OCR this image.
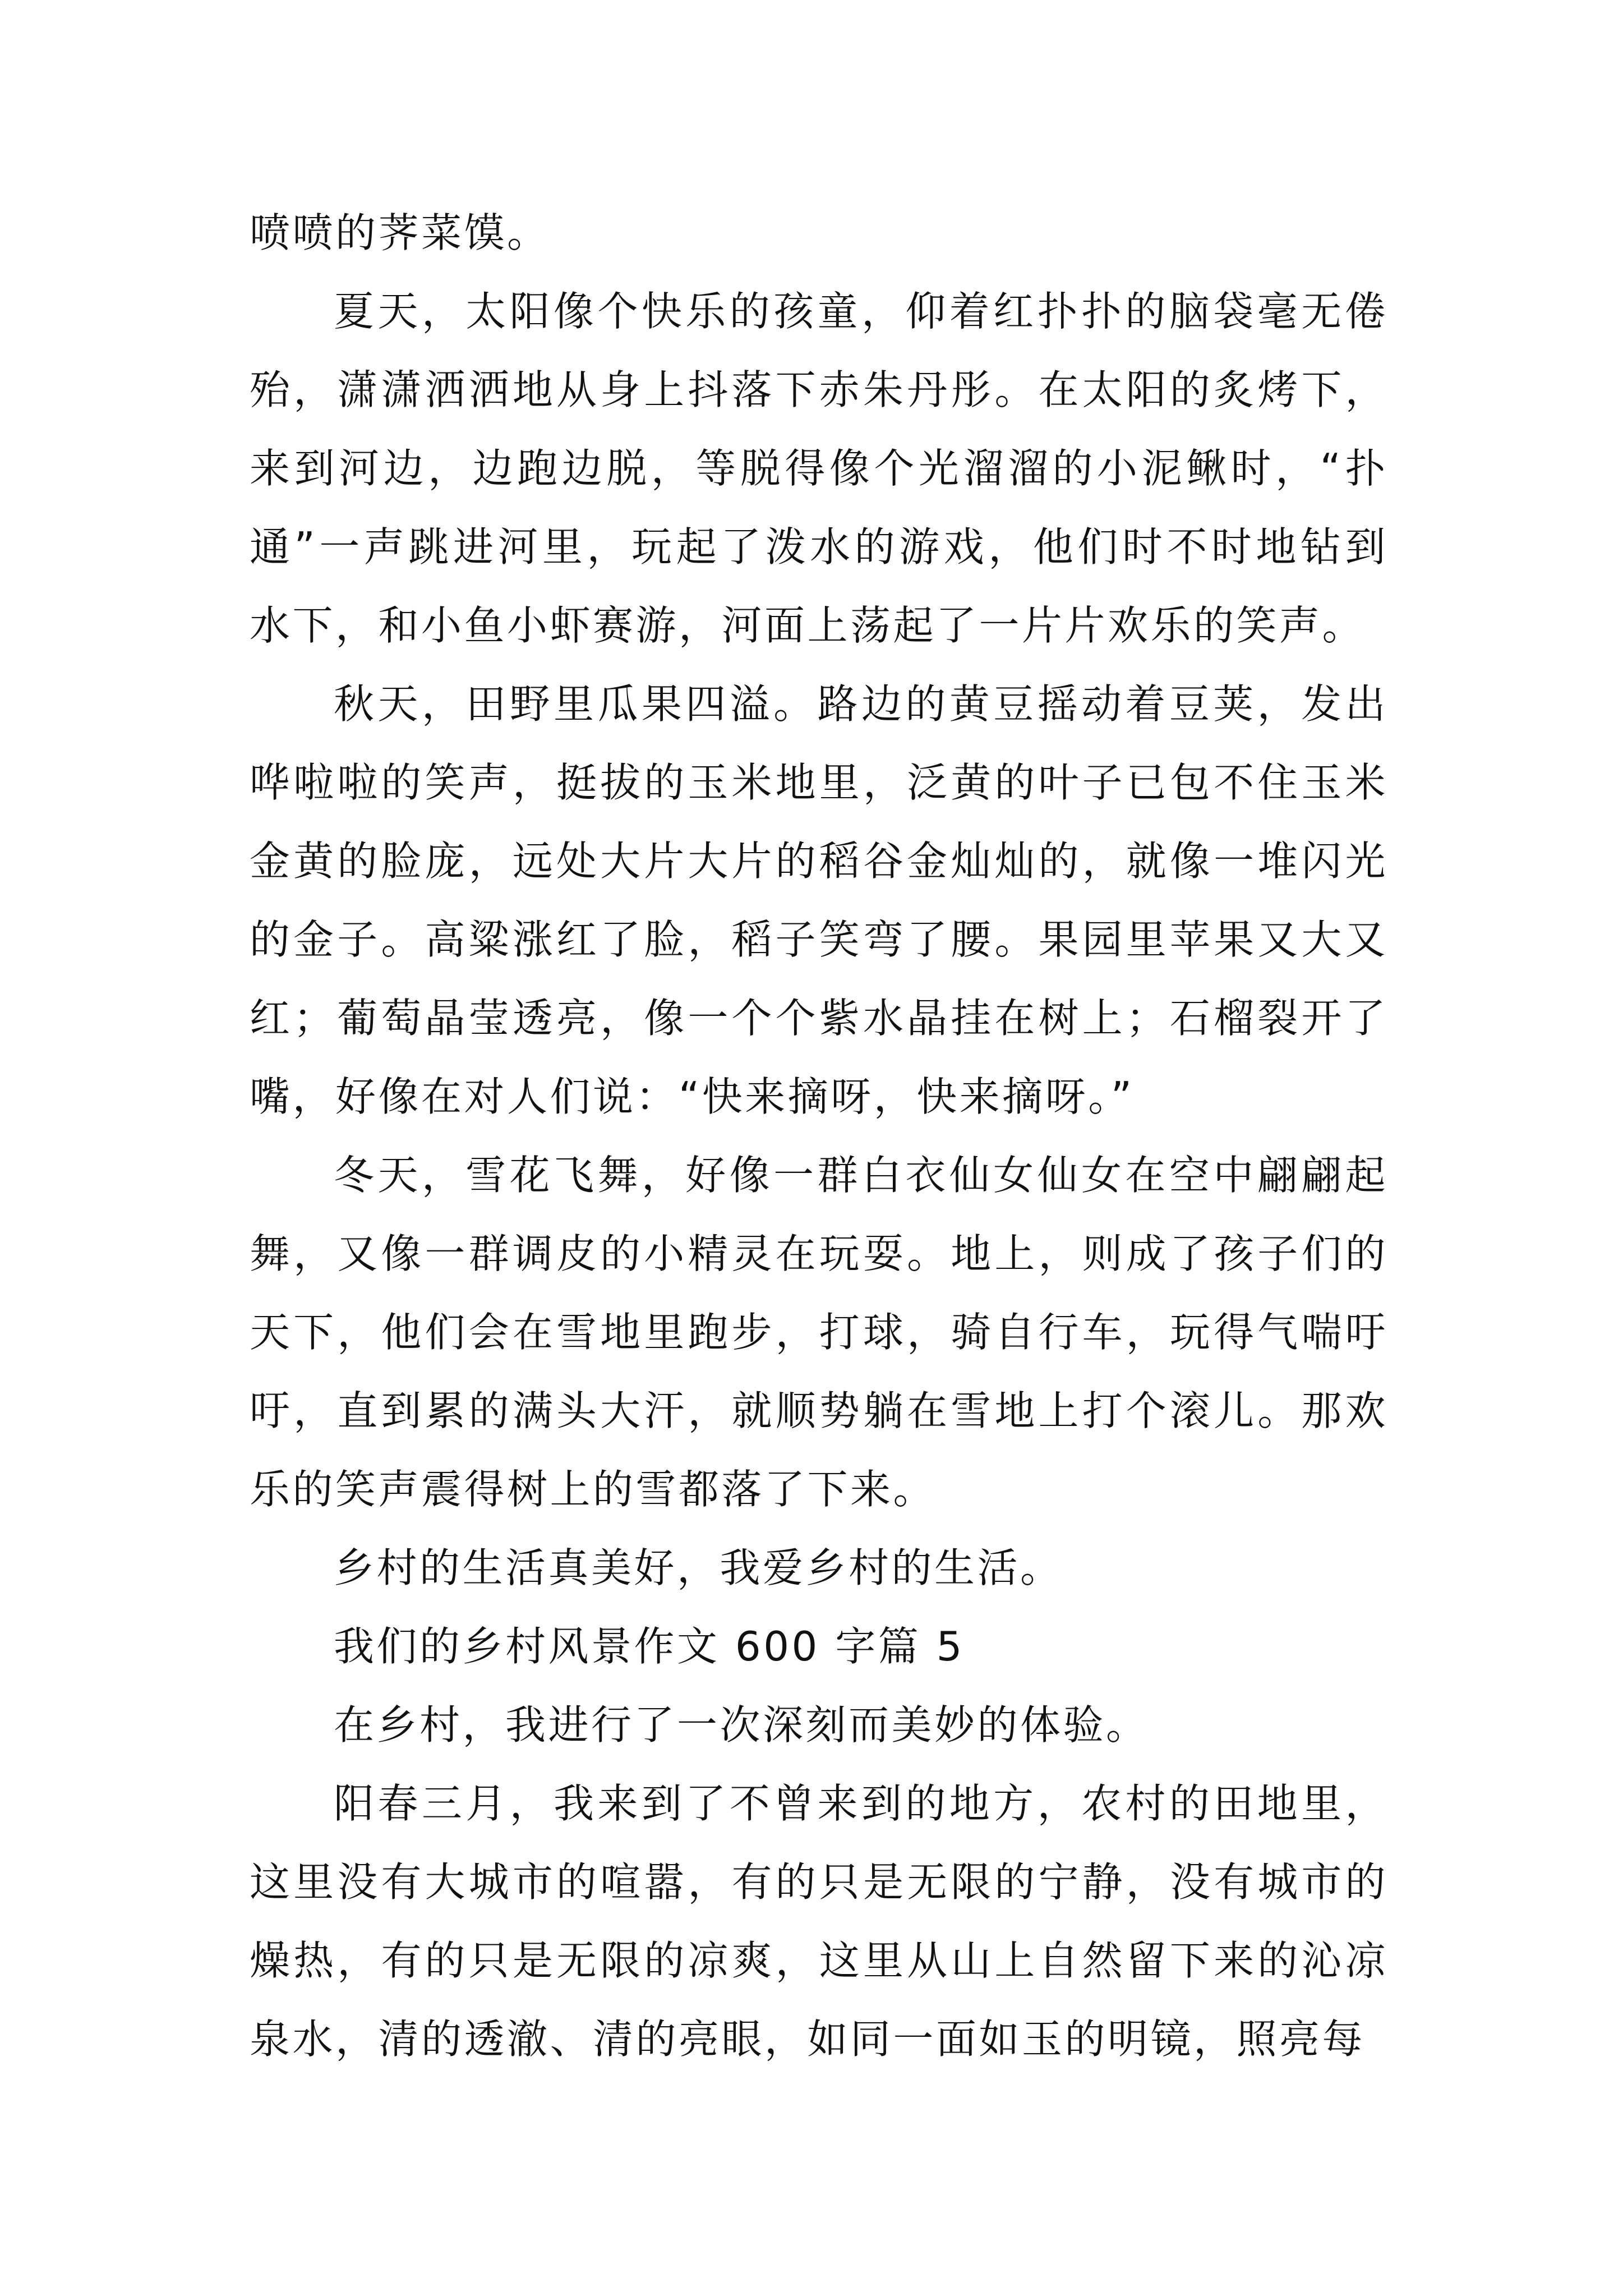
喷喷的荠菜馍。

夏天，太阳像个快乐的孩童，仰着红扑扑的脑袋毫无倦殆，潇潇洒洒地从身上抖落下赤朱丹彤。在太阳的炙烤下，来到河边，边跑边脱，等脱得像个光溜溜的小泥鳅时，“扑通”一声跳进河里，玩起了泼水的游戏，他们时不时地钻到水下，和小鱼小虾赛游，河面上荡起了一片片欢乐的笑声。

秋天，田野里瓜果四溢。路边的黄豆摇动着豆荚，发出哗啦啦的笑声，挺拔的玉米地里，泛黄的叶子已包不住玉米金黄的脸庞，远处大片大片的稻谷金灿灿的，就像一堆闪光的金子。高粱涨红了脸，稻子笑弯了腰。果园里苹果又大又红；葡萄晶莹透亮，像一个个紫水晶挂在树上；石榴裂开了嘴，好像在对人们说：“快来摘呀，快来摘呀。”

冬天，雪花飞舞，好像一群白衣仙女仙女在空中翩翩起舞，又像一群调皮的小精灵在玩耍。地上，则成了孩子们的天下，他们会在雪地里跑步，打球，骑自行车，玩得气喘吁吁，直到累的满头大汗，就顺势躺在雪地上打个滚儿。那欢乐的笑声震得树上的雪都落了下来。

乡村的生活真美好，我爱乡村的生活。

我们的乡村风景作文 600 字篇 5

在乡村，我进行了一次深刻而美妙的体验。

阳春三月，我来到了不曾来到的地方，农村的田地里，这里没有大城市的喧嚣，有的只是无限的宁静，没有城市的燥热，有的只是无限的凉爽，这里从山上自然留下来的沁凉泉水，清的透澈、清的亮眼，如同一面如玉的明镜，照亮每
